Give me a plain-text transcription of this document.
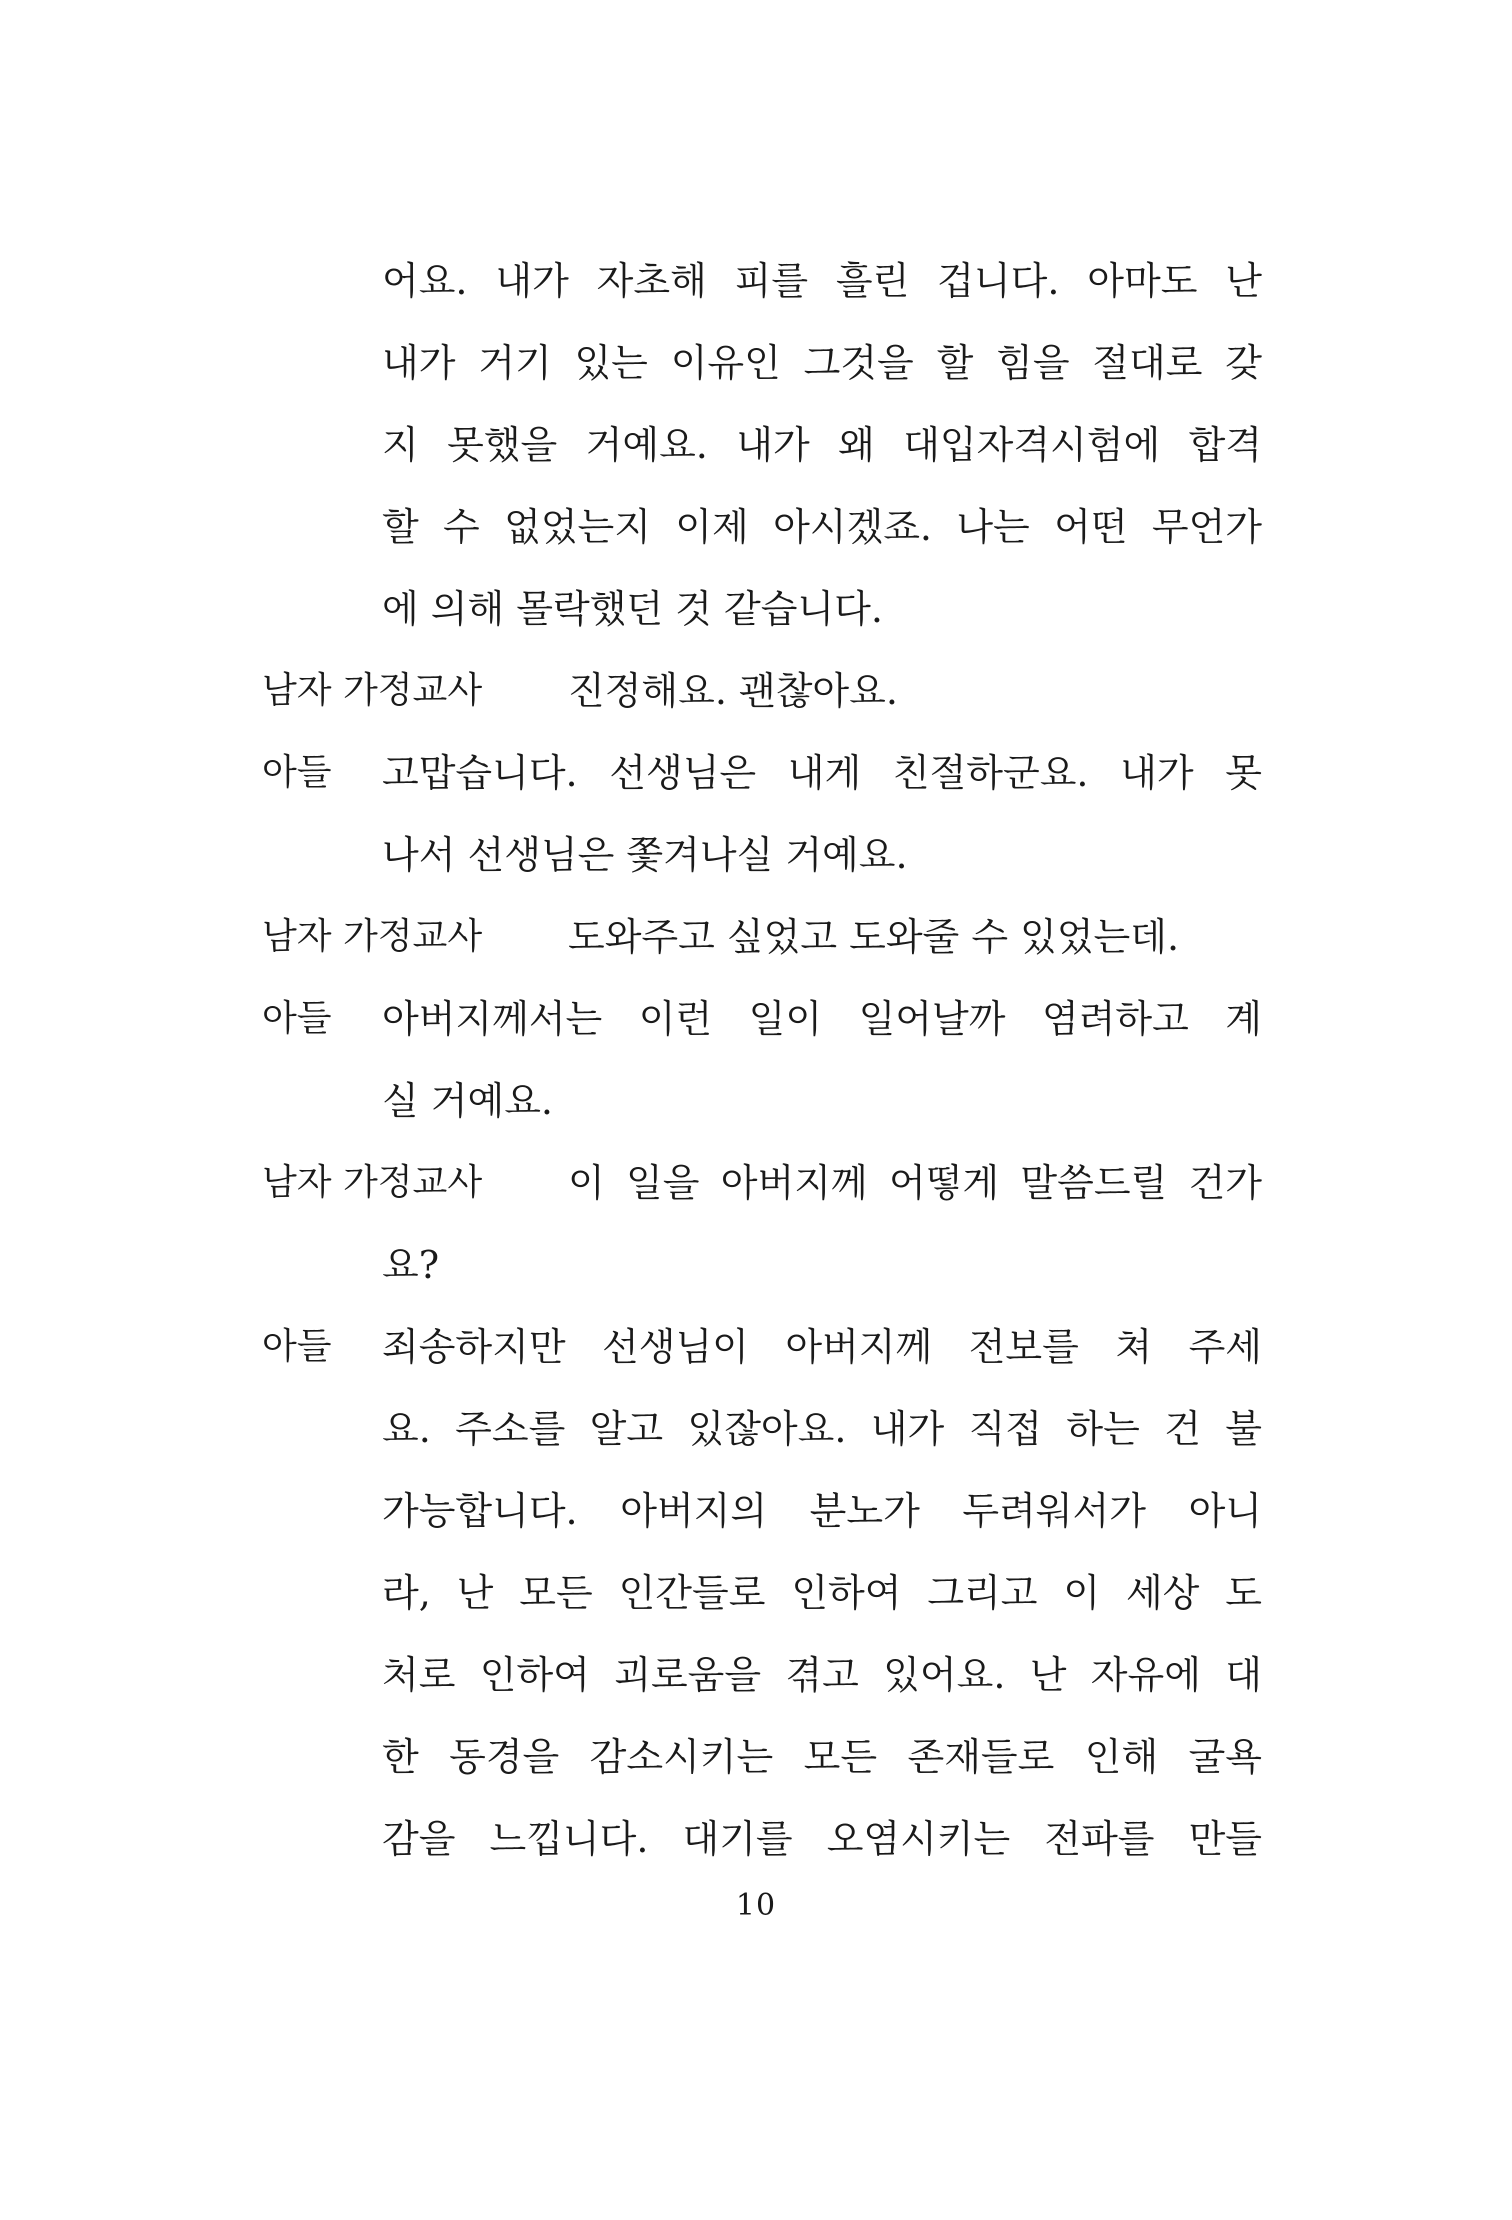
어요. 내가 자초해 피를 흘린 겁니다. 아마도 난
내가 거기 있는 이유인 그것을 할 힘을 절대로 갖
지 못했을 거예요. 내가 왜 대입자격시험에 합격
할 수 없었는지 이제 아시겠죠. 나는 어떤 무언가
에 의해 몰락했던 것 같습니다.
남자 가정교사	진정해요. 괜찮아요.
아들 고맙습니다. 선생님은 내게 친절하군요. 내가 못
나서 선생님은 쫓겨나실 거예요.
남자 가정교사	도와주고 싶었고 도와줄 수 있었는데.
아들 아버지께서는 이런 일이 일어날까 염려하고 계
실 거예요.
남자 가정교사	이 일을 아버지께 어떻게 말씀드릴 건가
요?
아들 죄송하지만 선생님이 아버지께 전보를 쳐 주세
요. 주소를 알고 있잖아요. 내가 직접 하는 건 불
가능합니다. 아버지의 분노가 두려워서가 아니
라, 난 모든 인간들로 인하여 그리고 이 세상 도
처로 인하여 괴로움을 겪고 있어요. 난 자유에 대
한 동경을 감소시키는 모든 존재들로 인해 굴욕
감을 느낍니다. 대기를 오염시키는 전파를 만들
10
